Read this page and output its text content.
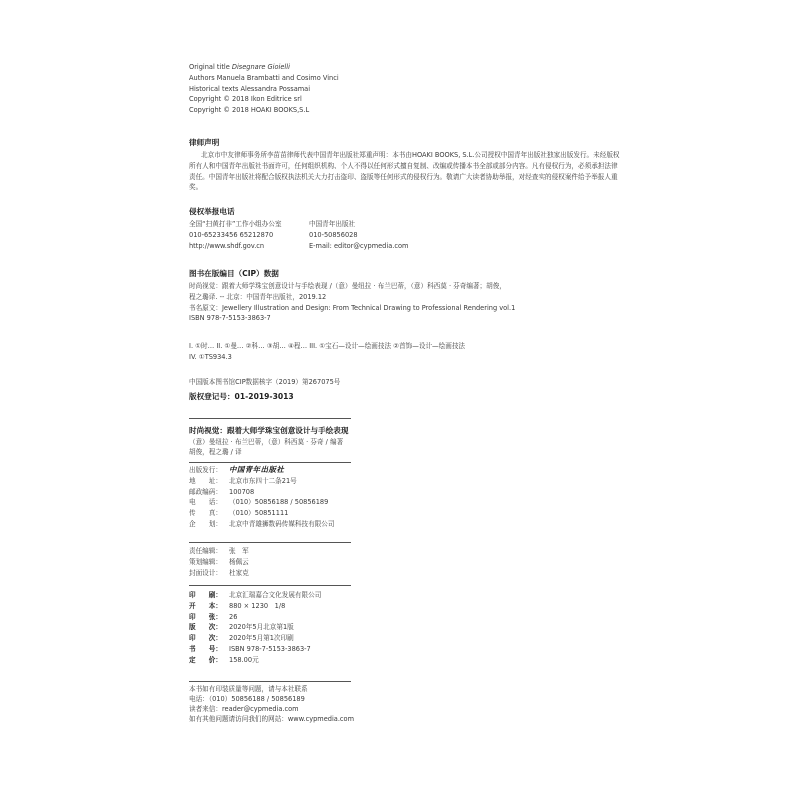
Original title Disegnare Gioielli
Authors Manuela Brambatti and Cosimo Vinci
Historical texts Alessandra Possamai
Copyright © 2018 Ikon Editrice srl
Copyright © 2018 HOAKI BOOKS,S.L
律师声明
北京市中友律师事务所李苗苗律师代表中国青年出版社郑重声明：本书由HOAKI BOOKS, S.L.公司授权中国青年出版社独家出版发行。未经版权所有人和中国青年出版社书面许可，任何组织机构、个人不得以任何形式擅自复制、改编或传播本书全部或部分内容。凡有侵权行为，必须承担法律责任。中国青年出版社将配合版权执法机关大力打击盗印、盗版等任何形式的侵权行为。敬请广大读者协助举报，对经查实的侵权案件给予举报人重奖。
侵权举报电话
全国“扫黄打非”工作小组办公室	中国青年出版社
010-65233456 65212870	010-50856028
http://www.shdf.gov.cn	E-mail: editor@cypmedia.com
图书在版编目（CIP）数据
时尚视觉：跟着大师学珠宝创意设计与手绘表现 /（意）曼纽拉 · 布兰巴蒂，（意）科西莫 · 芬奇编著；胡俊，
程之璐译. -- 北京：中国青年出版社，2019.12
书名原文：Jewellery Illustration and Design: From Technical Drawing to Professional Rendering vol.1
ISBN 978-7-5153-3863-7
I. ①时… II. ①曼… ②科… ③胡… ④程… III. ①宝石—设计—绘画技法 ②首饰—设计—绘画技法
IV. ①TS934.3
中国版本图书馆CIP数据核字（2019）第267075号
版权登记号：01-2019-3013
时尚视觉：跟着大师学珠宝创意设计与手绘表现
（意）曼纽拉 · 布兰巴蒂，（意）科西莫 · 芬奇 / 编著
胡俊，程之璐 / 译
出版发行： 中国青年出版社
地　　址：	北京市东四十二条21号
邮政编码：	100708
电　　话：	（010）50856188 / 50856189
传　　真：	（010）50851111
企　　划：	北京中青雄狮数码传媒科技有限公司
责任编辑：	张　军
策划编辑：	杨佩云
封面设计：	杜家克
印　　刷：	北京汇瑞嘉合文化发展有限公司
开　　本：	880 × 1230　1/8
印　　张：	26
版　　次：	2020年5月北京第1版
印　　次：	2020年5月第1次印刷
书　　号：	ISBN 978-7-5153-3863-7
定　　价：	158.00元
本书如有印装质量等问题，请与本社联系
电话：（010）50856188 / 50856189
读者来信：reader@cypmedia.com
如有其他问题请访问我们的网站：www.cypmedia.com
